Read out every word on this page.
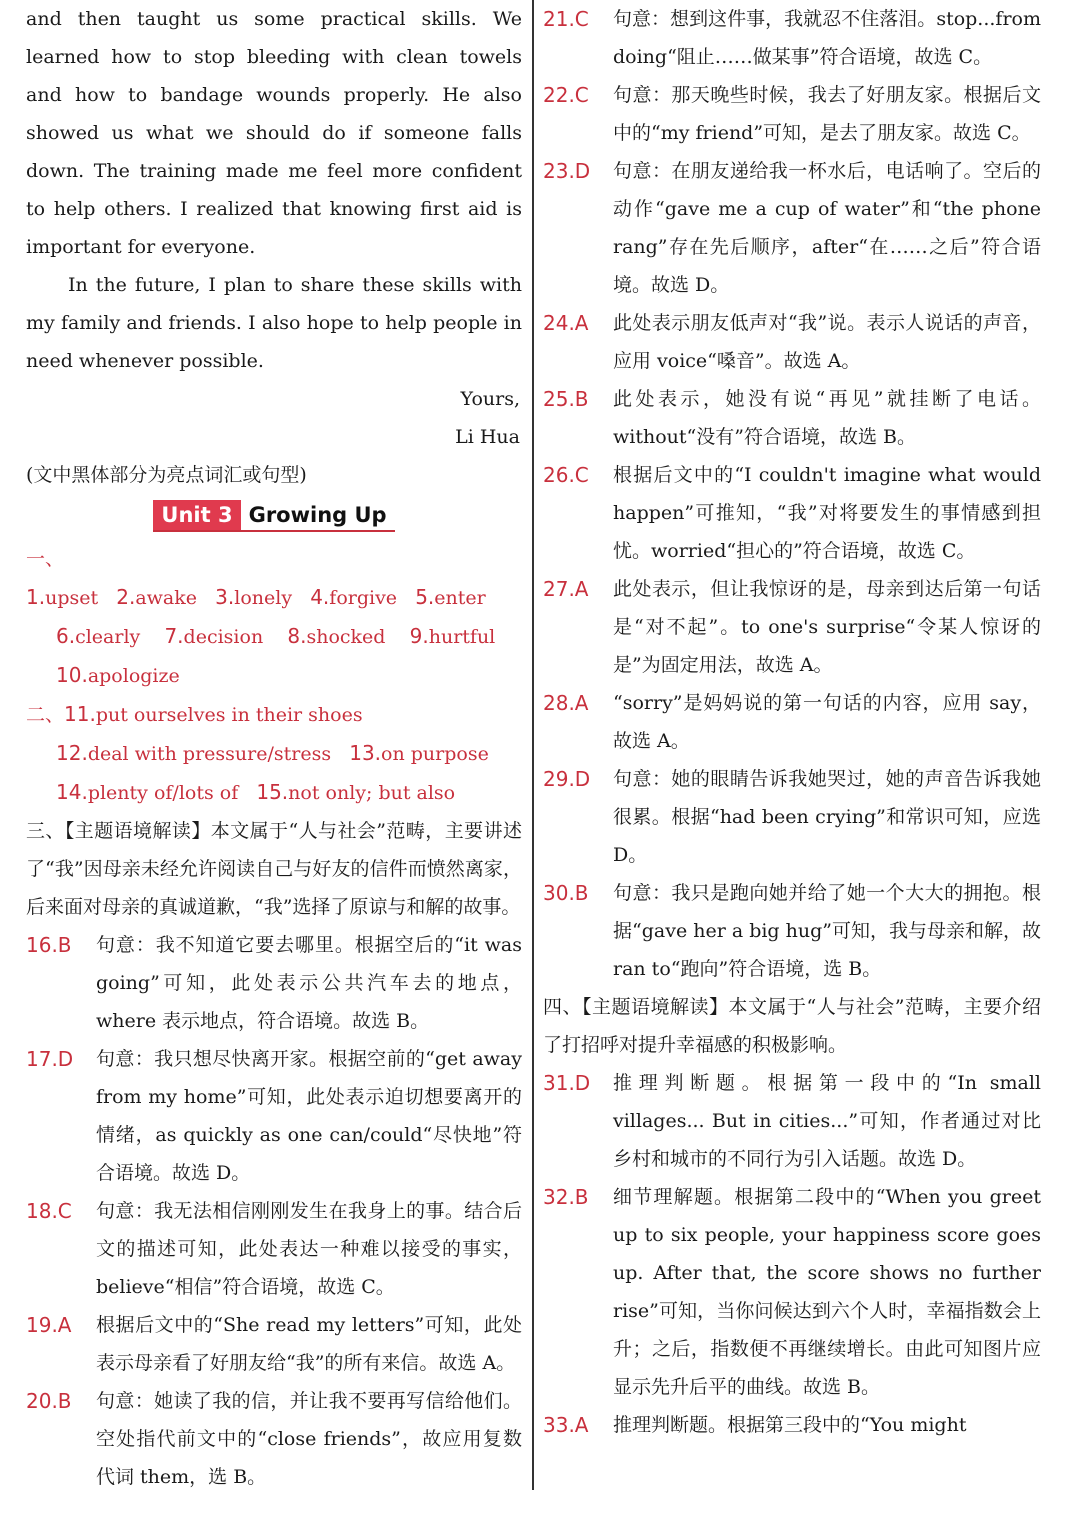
and then taught us some practical skills. We learned how to stop bleeding with clean towels and how to bandage wounds properly. He also showed us what we should do if someone falls down. The training made me feel more confident to help others. I realized that knowing first aid is important for everyone.

In the future, I plan to share these skills with my family and friends. I also hope to help people in need whenever possible.

Yours,

Li Hua

(文中黑体部分为亮点词汇或句型)

Unit 3 Growing Up
一、1.upset 2.awake 3.lonely 4.forgive 5.enter
6.clearly 7.decision 8.shocked 9.hurtful
10.apologize
二、11.put ourselves in their shoes
12.deal with pressure/stress 13.on purpose
14.plenty of/lots of 15.not only; but also

三、【主题语境解读】本文属于“人与社会”范畴，主要讲述了“我”因母亲未经允许阅读自己与好友的信件而愤然离家，后来面对母亲的真诚道歉，“我”选择了原谅与和解的故事。

16.B	句意：我不知道它要去哪里。根据空后的“it was going”可知，此处表示公共汽车去的地点，where 表示地点，符合语境。故选 B。
17.D	句意：我只想尽快离开家。根据空前的“get away from my home”可知，此处表示迫切想要离开的情绪，as quickly as one can/could“尽快地”符合语境。故选 D。
18.C	句意：我无法相信刚刚发生在我身上的事。结合后文的描述可知，此处表达一种难以接受的事实，believe“相信”符合语境，故选 C。
19.A	根据后文中的“She read my letters”可知，此处表示母亲看了好朋友给“我”的所有来信。故选 A。
20.B	句意：她读了我的信，并让我不要再写信给他们。空处指代前文中的“close friends”，故应用复数代词 them，选 B。
21.C	句意：想到这件事，我就忍不住落泪。stop...from doing“阻止……做某事”符合语境，故选 C。
22.C	句意：那天晚些时候，我去了好朋友家。根据后文中的“my friend”可知，是去了朋友家。故选 C。
23.D	句意：在朋友递给我一杯水后，电话响了。空后的动作“gave me a cup of water”和“the phone rang”存在先后顺序，after“在……之后”符合语境。故选 D。
24.A	此处表示朋友低声对“我”说。表示人说话的声音，应用 voice“嗓音”。故选 A。
25.B	此处表示，她没有说“再见”就挂断了电话。without“没有”符合语境，故选 B。
26.C	根据后文中的“I couldn't imagine what would happen”可推知，“我”对将要发生的事情感到担忧。worried“担心的”符合语境，故选 C。
27.A	此处表示，但让我惊讶的是，母亲到达后第一句话是“对不起”。to one's surprise“令某人惊讶的是”为固定用法，故选 A。
28.A	“sorry”是妈妈说的第一句话的内容，应用 say，故选 A。
29.D	句意：她的眼睛告诉我她哭过，她的声音告诉我她很累。根据“had been crying”和常识可知，应选 D。
30.B	句意：我只是跑向她并给了她一个大大的拥抱。根据“gave her a big hug”可知，我与母亲和解，故 ran to“跑向”符合语境，选 B。

四、【主题语境解读】本文属于“人与社会”范畴，主要介绍了打招呼对提升幸福感的积极影响。

31.D	推理判断题。根据第一段中的“In small villages... But in cities...”可知，作者通过对比乡村和城市的不同行为引入话题。故选 D。
32.B	细节理解题。根据第二段中的“When you greet up to six people, your happiness score goes up. After that, the score shows no further rise”可知，当你问候达到六个人时，幸福指数会上升；之后，指数便不再继续增长。由此可知图片应显示先升后平的曲线。故选 B。
33.A	推理判断题。根据第三段中的“You might
